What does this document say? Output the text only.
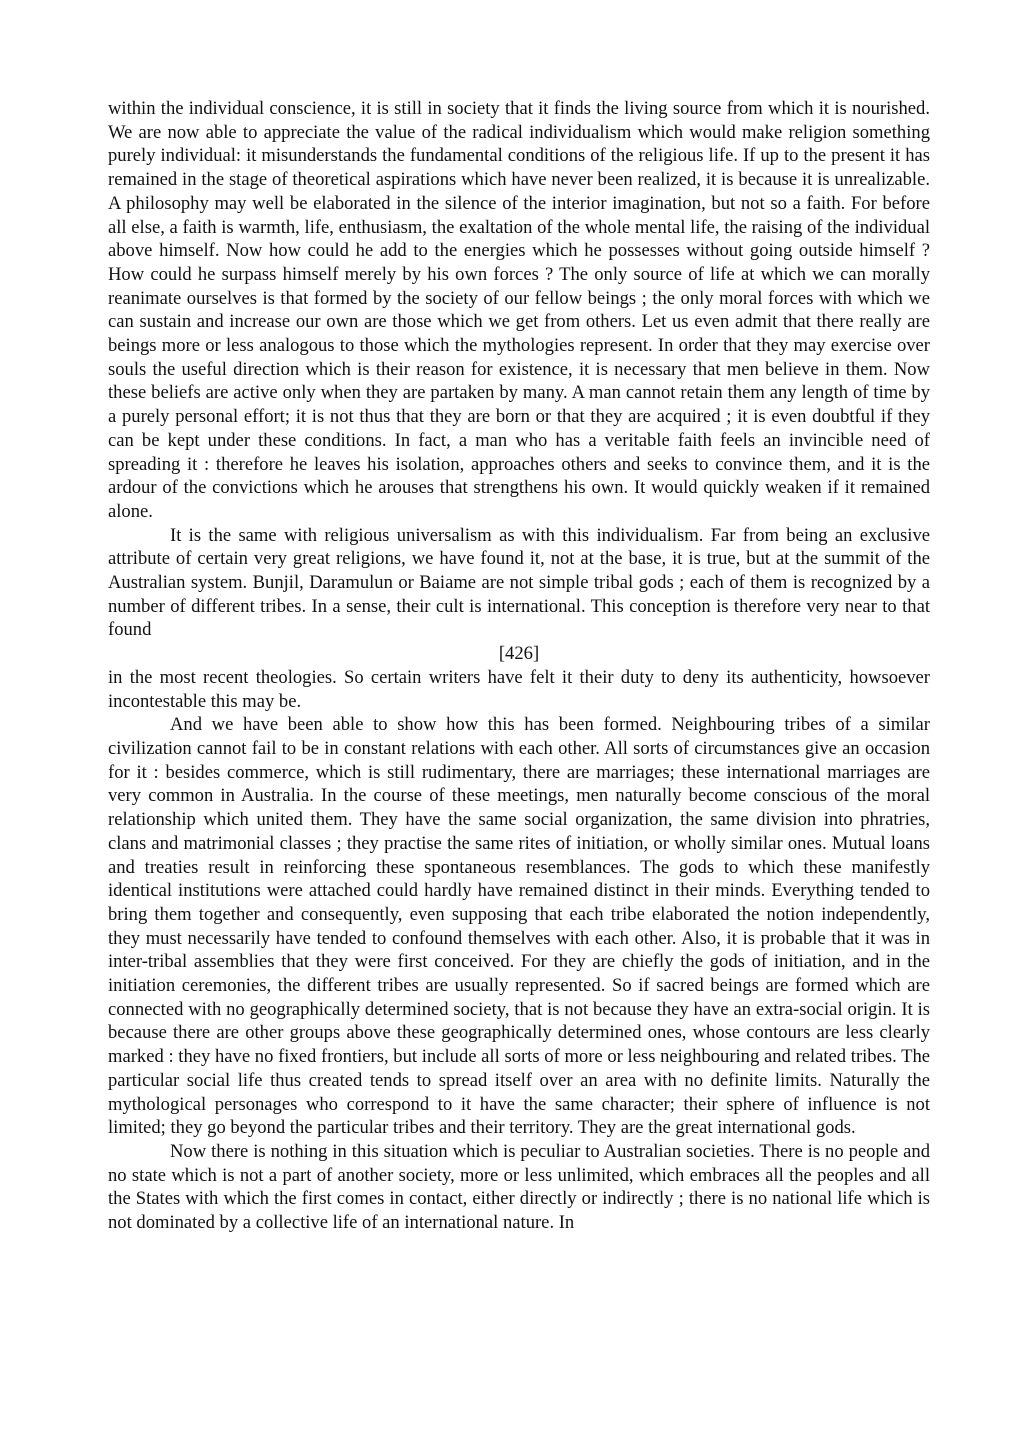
within the individual conscience, it is still in society that it finds the living source from which it is nourished. We are now able to appreciate the value of the radical individualism which would make religion something purely individual: it misunderstands the fundamental conditions of the religious life. If up to the present it has remained in the stage of theoretical aspirations which have never been realized, it is because it is unrealizable. A philosophy may well be elaborated in the silence of the interior imagination, but not so a faith. For before all else, a faith is warmth, life, enthusiasm, the exaltation of the whole mental life, the raising of the individual above himself. Now how could he add to the energies which he possesses without going outside himself ? How could he surpass himself merely by his own forces ? The only source of life at which we can morally reanimate ourselves is that formed by the society of our fellow beings ; the only moral forces with which we can sustain and increase our own are those which we get from others. Let us even admit that there really are beings more or less analogous to those which the mythologies represent. In order that they may exercise over souls the useful direction which is their reason for existence, it is necessary that men believe in them. Now these beliefs are active only when they are partaken by many. A man cannot retain them any length of time by a purely personal effort; it is not thus that they are born or that they are acquired ; it is even doubtful if they can be kept under these conditions. In fact, a man who has a veritable faith feels an invincible need of spreading it : therefore he leaves his isolation, approaches others and seeks to convince them, and it is the ardour of the convictions which he arouses that strengthens his own. It would quickly weaken if it remained alone.

It is the same with religious universalism as with this individualism. Far from being an exclusive attribute of certain very great religions, we have found it, not at the base, it is true, but at the summit of the Australian system. Bunjil, Daramulun or Baiame are not simple tribal gods ; each of them is recognized by a number of different tribes. In a sense, their cult is international. This conception is therefore very near to that found

[426]

in the most recent theologies. So certain writers have felt it their duty to deny its authenticity, howsoever incontestable this may be.

And we have been able to show how this has been formed. Neighbouring tribes of a similar civilization cannot fail to be in constant relations with each other. All sorts of circumstances give an occasion for it : besides commerce, which is still rudimentary, there are marriages; these international marriages are very common in Australia. In the course of these meetings, men naturally become conscious of the moral relationship which united them. They have the same social organization, the same division into phratries, clans and matrimonial classes ; they practise the same rites of initiation, or wholly similar ones. Mutual loans and treaties result in reinforcing these spontaneous resemblances. The gods to which these manifestly identical institutions were attached could hardly have remained distinct in their minds. Everything tended to bring them together and consequently, even supposing that each tribe elaborated the notion independently, they must necessarily have tended to confound themselves with each other. Also, it is probable that it was in inter-tribal assemblies that they were first conceived. For they are chiefly the gods of initiation, and in the initiation ceremonies, the different tribes are usually represented. So if sacred beings are formed which are connected with no geographically determined society, that is not because they have an extra-social origin. It is because there are other groups above these geographically determined ones, whose contours are less clearly marked : they have no fixed frontiers, but include all sorts of more or less neighbouring and related tribes. The particular social life thus created tends to spread itself over an area with no definite limits. Naturally the mythological personages who correspond to it have the same character; their sphere of influence is not limited; they go beyond the particular tribes and their territory. They are the great international gods.

Now there is nothing in this situation which is peculiar to Australian societies. There is no people and no state which is not a part of another society, more or less unlimited, which embraces all the peoples and all the States with which the first comes in contact, either directly or indirectly ; there is no national life which is not dominated by a collective life of an international nature. In
